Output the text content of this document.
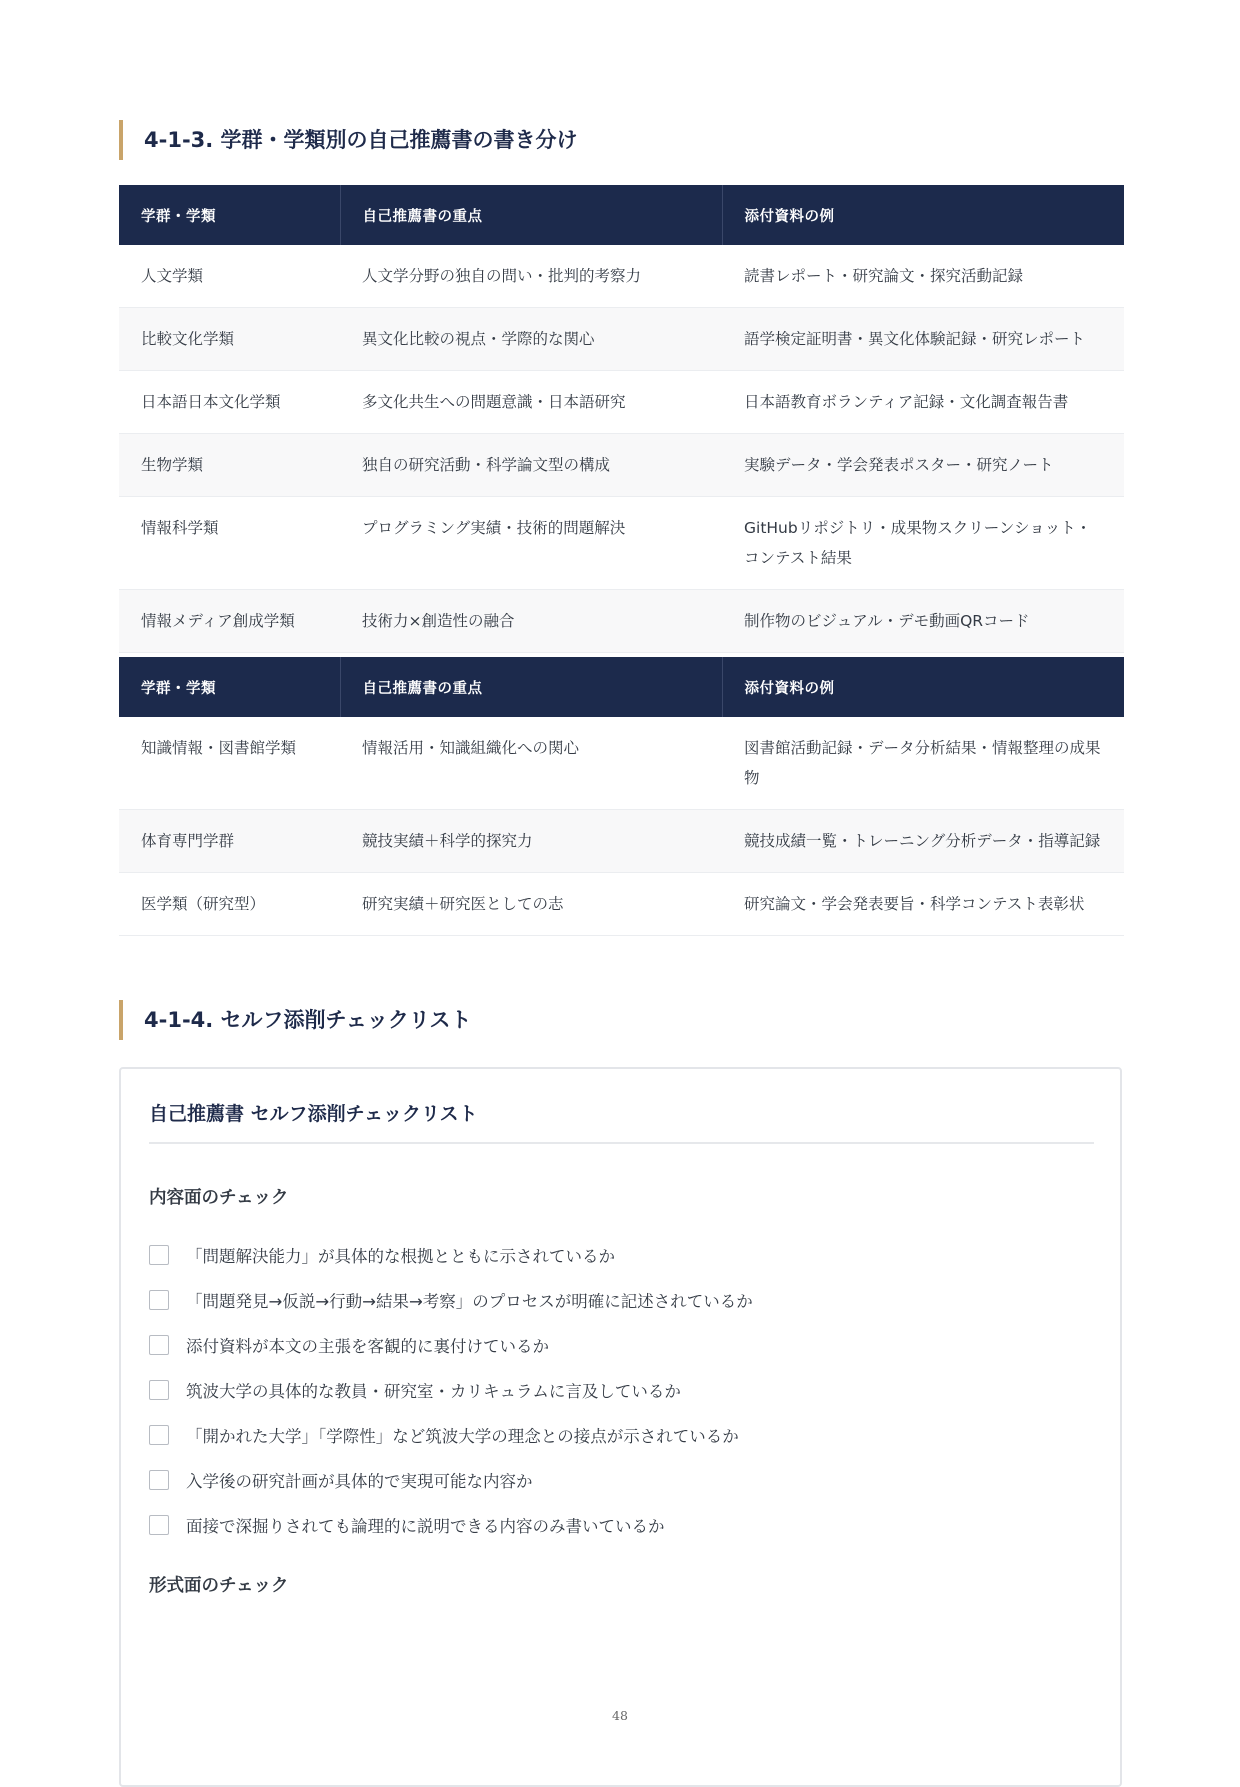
4-1-3. 学群・学類別の自己推薦書の書き分け
学群・学類	自己推薦書の重点	添付資料の例
人文学類	人文学分野の独自の問い・批判的考察力	読書レポート・研究論文・探究活動記録
比較文化学類	異文化比較の視点・学際的な関心	語学検定証明書・異文化体験記録・研究レポート
日本語日本文化学類	多文化共生への問題意識・日本語研究	日本語教育ボランティア記録・文化調査報告書
生物学類	独自の研究活動・科学論文型の構成	実験データ・学会発表ポスター・研究ノート
情報科学類	プログラミング実績・技術的問題解決	GitHubリポジトリ・成果物スクリーンショット・コンテスト結果
情報メディア創成学類	技術力×創造性の融合	制作物のビジュアル・デモ動画QRコード
学群・学類	自己推薦書の重点	添付資料の例
知識情報・図書館学類	情報活用・知識組織化への関心	図書館活動記録・データ分析結果・情報整理の成果物
体育専門学群	競技実績＋科学的探究力	競技成績一覧・トレーニング分析データ・指導記録
医学類（研究型）	研究実績＋研究医としての志	研究論文・学会発表要旨・科学コンテスト表彰状
4-1-4. セルフ添削チェックリスト
自己推薦書 セルフ添削チェックリスト
内容面のチェック
「問題解決能力」が具体的な根拠とともに示されているか
「問題発見→仮説→行動→結果→考察」のプロセスが明確に記述されているか
添付資料が本文の主張を客観的に裏付けているか
筑波大学の具体的な教員・研究室・カリキュラムに言及しているか
「開かれた大学」「学際性」など筑波大学の理念との接点が示されているか
入学後の研究計画が具体的で実現可能な内容か
面接で深掘りされても論理的に説明できる内容のみ書いているか
形式面のチェック
48
